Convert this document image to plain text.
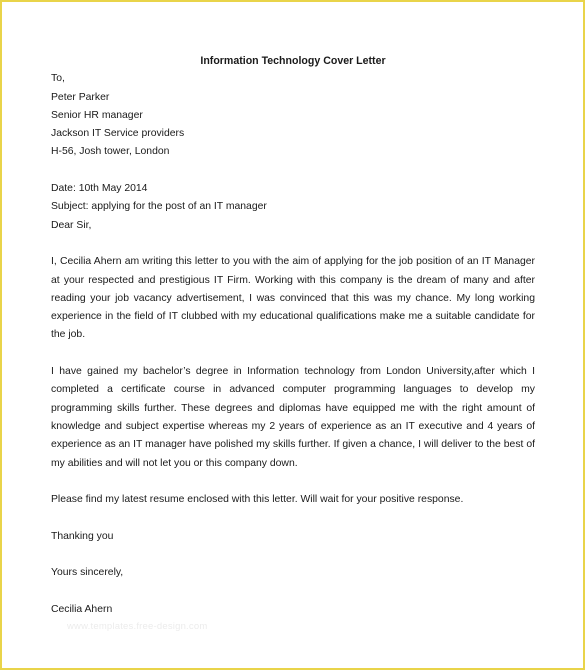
Information Technology Cover Letter

To,

Peter Parker

Senior HR manager

Jackson IT Service providers

H-56, Josh tower, London

Date: 10th May 2014

Subject: applying for the post of an IT manager

Dear Sir,

I, Cecilia Ahern am writing this letter to you with the aim of applying for the job position of an IT Manager at your respected and prestigious IT Firm. Working with this company is the dream of many and after reading your job vacancy advertisement, I was convinced that this was my chance. My long working experience in the field of IT clubbed with my educational qualifications make me a suitable candidate for the job.

I have gained my bachelor’s degree in Information technology from London University,after which I completed a certificate course in advanced computer programming languages to develop my programming skills further. These degrees and diplomas have equipped me with the right amount of knowledge and subject expertise whereas my 2 years of experience as an IT executive and 4 years of experience as an IT manager have polished my skills further. If given a chance, I will deliver to the best of my abilities and will not let you or this company down.

Please find my latest resume enclosed with this letter. Will wait for your positive response.

Thanking you

Yours sincerely,

Cecilia Ahern

www.templates.free-design.com
